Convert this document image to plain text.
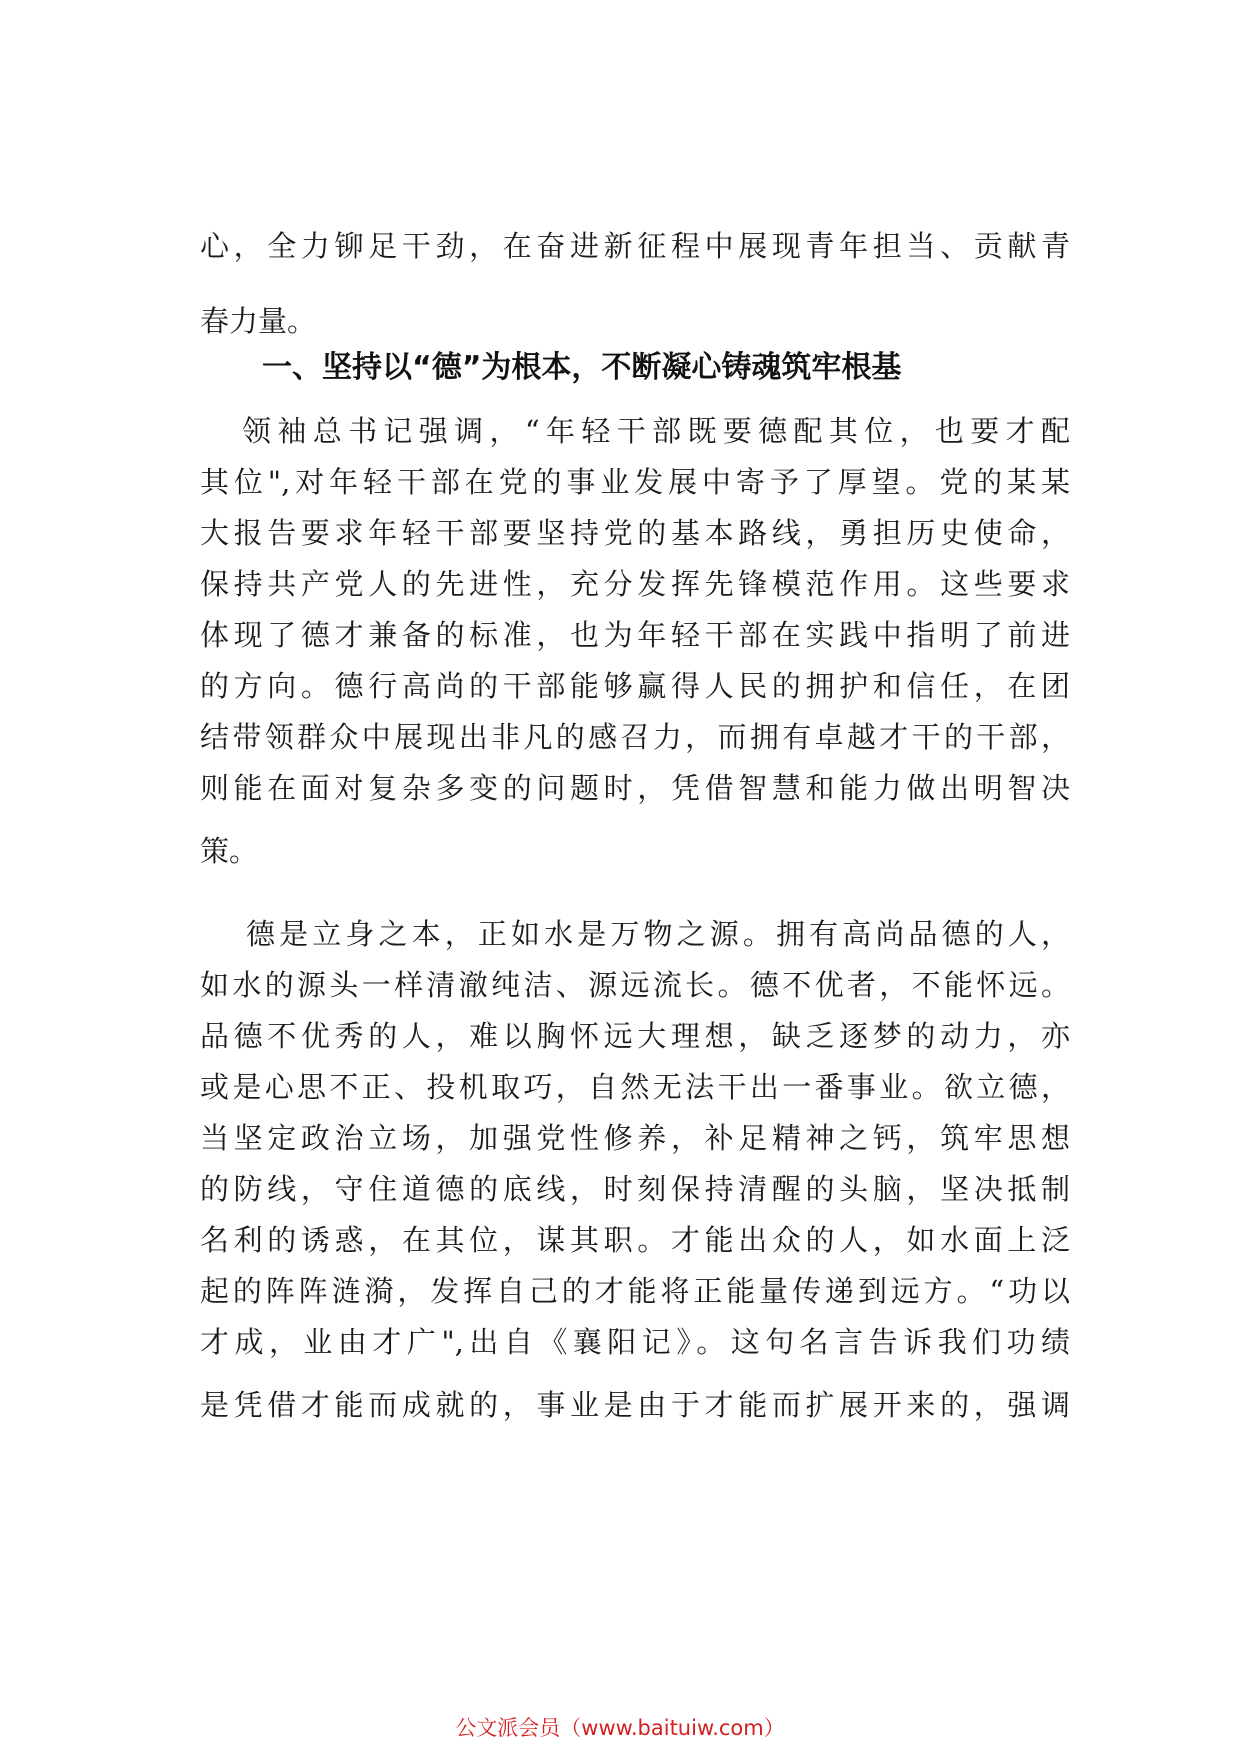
心，全力铆足干劲，在奋进新征程中展现青年担当、贡献青
春力量。
一、坚持以“德”为根本，不断凝心铸魂筑牢根基
领袖总书记强调，“年轻干部既要德配其位，也要才配
其位",对年轻干部在党的事业发展中寄予了厚望。党的某某
大报告要求年轻干部要坚持党的基本路线，勇担历史使命，
保持共产党人的先进性，充分发挥先锋模范作用。这些要求
体现了德才兼备的标准，也为年轻干部在实践中指明了前进
的方向。德行高尚的干部能够赢得人民的拥护和信任，在团
结带领群众中展现出非凡的感召力，而拥有卓越才干的干部，
则能在面对复杂多变的问题时，凭借智慧和能力做出明智决
策。
德是立身之本，正如水是万物之源。拥有高尚品德的人，
如水的源头一样清澈纯洁、源远流长。德不优者，不能怀远。
品德不优秀的人，难以胸怀远大理想，缺乏逐梦的动力，亦
或是心思不正、投机取巧，自然无法干出一番事业。欲立德，
当坚定政治立场，加强党性修养，补足精神之钙，筑牢思想
的防线，守住道德的底线，时刻保持清醒的头脑，坚决抵制
名利的诱惑，在其位，谋其职。才能出众的人，如水面上泛
起的阵阵涟漪，发挥自己的才能将正能量传递到远方。“功以
才成，业由才广",出自《襄阳记》。这句名言告诉我们功绩
是凭借才能而成就的，事业是由于才能而扩展开来的，强调
公文派会员（www.baituiw.com）
